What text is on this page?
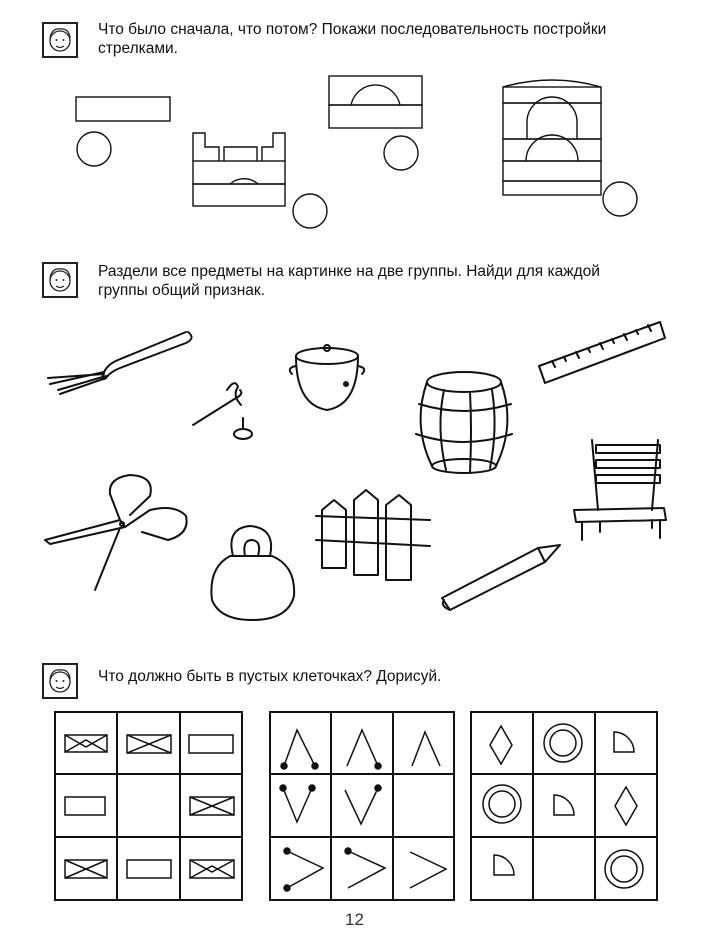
Что было сначала, что потом? Покажи последовательность постройки
стрелками.
Раздели все предметы на картинке на две группы. Найди для каждой
группы общий признак.
Что должно быть в пустых клеточках? Дорисуй.
12
